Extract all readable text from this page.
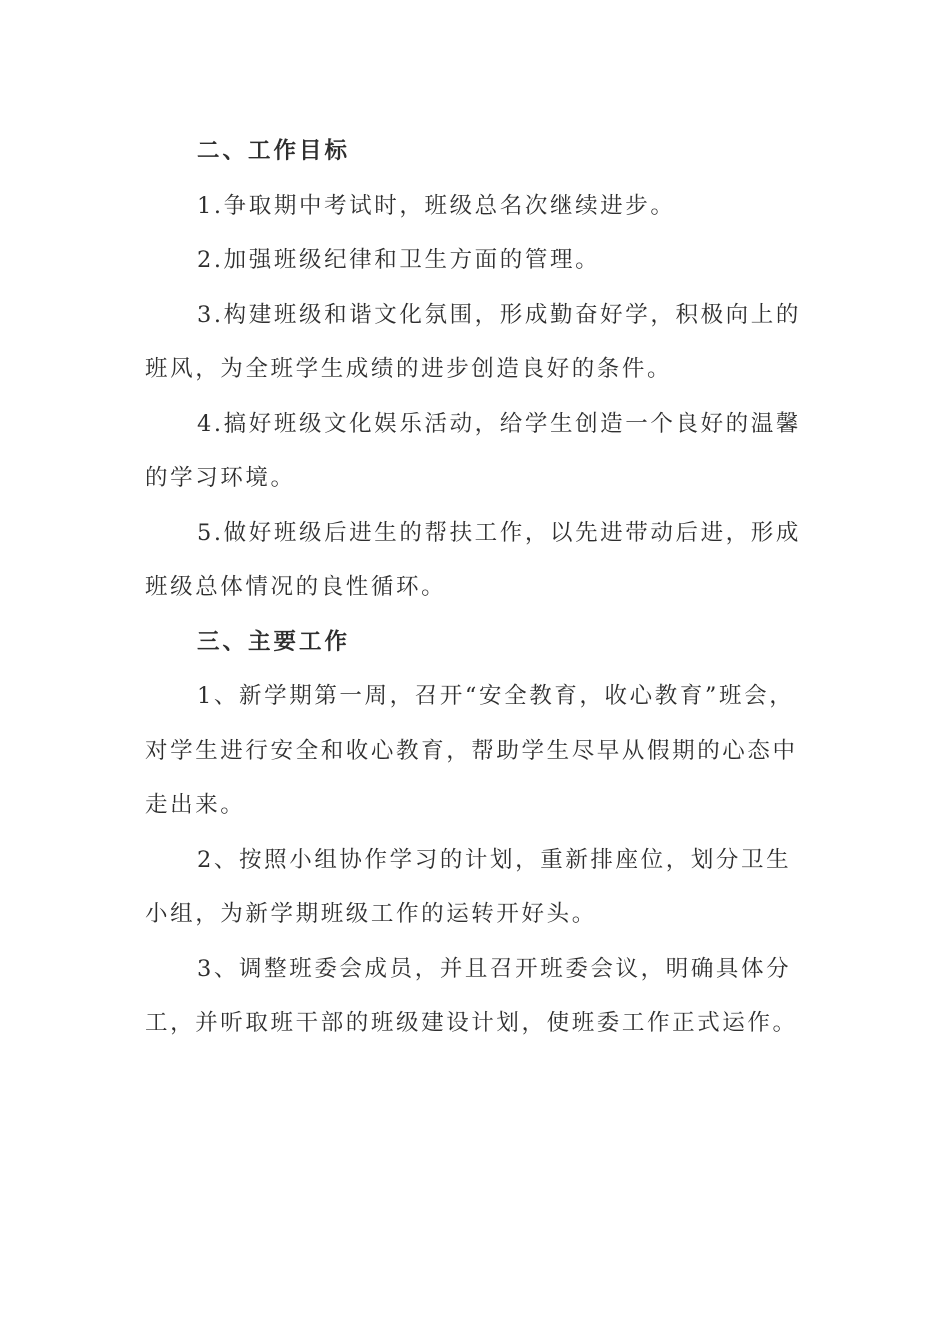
二、工作目标

1.争取期中考试时，班级总名次继续进步。

2.加强班级纪律和卫生方面的管理。

3.构建班级和谐文化氛围，形成勤奋好学，积极向上的班风，为全班学生成绩的进步创造良好的条件。

4.搞好班级文化娱乐活动，给学生创造一个良好的温馨的学习环境。

5.做好班级后进生的帮扶工作，以先进带动后进，形成班级总体情况的良性循环。

三、主要工作

1、新学期第一周，召开“安全教育，收心教育”班会，对学生进行安全和收心教育，帮助学生尽早从假期的心态中走出来。

2、按照小组协作学习的计划，重新排座位，划分卫生小组，为新学期班级工作的运转开好头。

3、调整班委会成员，并且召开班委会议，明确具体分工，并听取班干部的班级建设计划，使班委工作正式运作。
